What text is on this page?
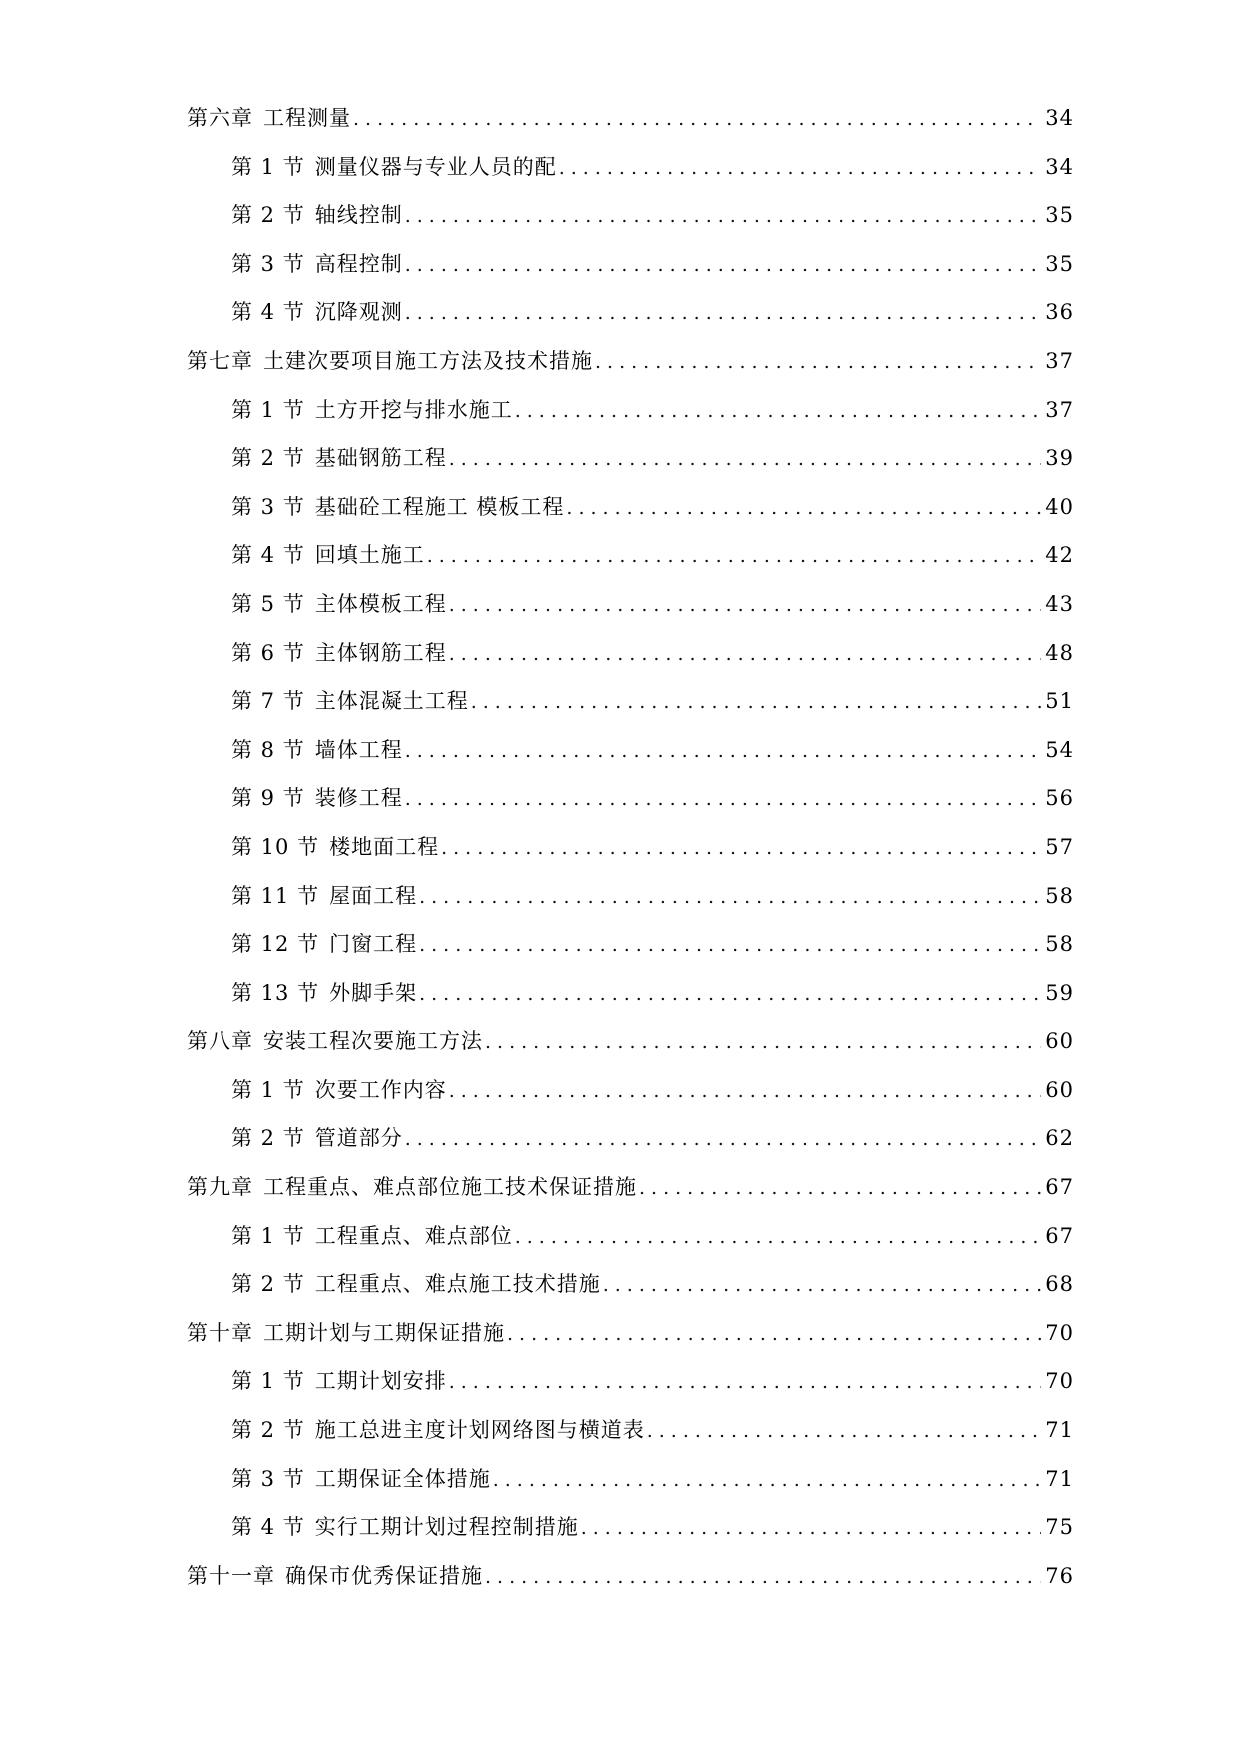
第六章 工程测量 .....	34
第 1 节 测量仪器与专业人员的配 .....	34
第 2 节 轴线控制 .....	35
第 3 节 高程控制 .....	35
第 4 节 沉降观测 .....	36
第七章 土建次要项目施工方法及技术措施 .....	37
第 1 节 土方开挖与排水施工 .....	37
第 2 节 基础钢筋工程 .....	39
第 3 节 基础砼工程施工 模板工程 .....	40
第 4 节 回填土施工 .....	42
第 5 节 主体模板工程 .....	43
第 6 节 主体钢筋工程 .....	48
第 7 节 主体混凝土工程 .....	51
第 8 节 墙体工程 .....	54
第 9 节 装修工程 .....	56
第 10 节 楼地面工程 .....	57
第 11 节 屋面工程 .....	58
第 12 节 门窗工程 .....	58
第 13 节 外脚手架 .....	59
第八章 安装工程次要施工方法 .....	60
第 1 节 次要工作内容 .....	60
第 2 节 管道部分 .....	62
第九章 工程重点、难点部位施工技术保证措施 .....	67
第 1 节 工程重点、难点部位 .....	67
第 2 节 工程重点、难点施工技术措施 .....	68
第十章 工期计划与工期保证措施 .....	70
第 1 节 工期计划安排 .....	70
第 2 节 施工总进主度计划网络图与横道表 .....	71
第 3 节 工期保证全体措施 .....	71
第 4 节 实行工期计划过程控制措施 .....	75
第十一章 确保市优秀保证措施 .....	76
